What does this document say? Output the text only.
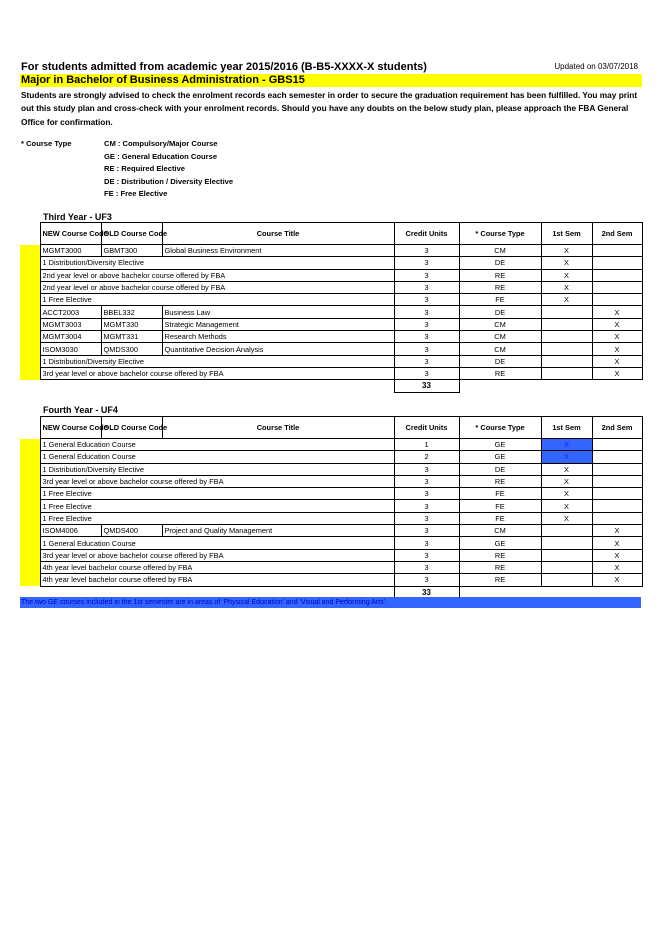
For students admitted from academic year 2015/2016 (B-B5-XXXX-X students)	Updated on 03/07/2018
Major in Bachelor of Business Administration - GBS15
Students are strongly advised to check the enrolment records each semester in order to secure the graduation requirement has been fulfilled. You may print out this study plan and cross-check with your enrolment records. Should you have any doubts on the below study plan, please approach the FBA General Office for confirmation.
* Course Type	CM : Compulsory/Major Course
GE : General Education Course
RE : Required Elective
DE : Distribution / Diversity Elective
FE : Free Elective
Third Year - UF3
	NEW Course Code	OLD Course Code	Course Title	Credit Units	* Course Type	1st Sem	2nd Sem
	MGMT3000	GBMT300	Global Business Environment	3	CM	X	
	1 Distribution/Diversity Elective			3	DE	X	
	2nd year level or above bachelor course offered by FBA			3	RE	X	
	2nd year level or above bachelor course offered by FBA			3	RE	X	
	1 Free Elective			3	FE	X	
	ACCT2003	BBEL332	Business Law	3	DE		X
	MGMT3003	MGMT330	Strategic Management	3	CM		X
	MGMT3004	MGMT331	Research Methods	3	CM		X
	ISOM3030	QMDS300	Quantitative Decision Analysis	3	CM		X
	1 Distribution/Diversity Elective			3	DE		X
	3rd year level or above bachelor course offered by FBA			3	RE		X
				33			
Fourth Year - UF4
	NEW Course Code	OLD Course Code	Course Title	Credit Units	* Course Type	1st Sem	2nd Sem
	1 General Education Course			1	GE	X	
	1 General Education Course			2	GE	X	
	1 Distribution/Diversity Elective			3	DE	X	
	3rd year level or above bachelor course offered by FBA			3	RE	X	
	1 Free Elective			3	FE	X	
	1 Free Elective			3	FE	X	
	1 Free Elective			3	FE	X	
	ISOM4006	QMDS400	Project and Quality Management	3	CM		X
	1 General Education Course			3	GE		X
	3rd year level or above bachelor course offered by FBA			3	RE		X
	4th year level bachelor course offered by FBA			3	RE		X
	4th year level bachelor course offered by FBA			3	RE		X
				33			
The two GE courses included in the 1st semester are in areas of 'Physical Education' and 'Visual and Performing Arts'.
